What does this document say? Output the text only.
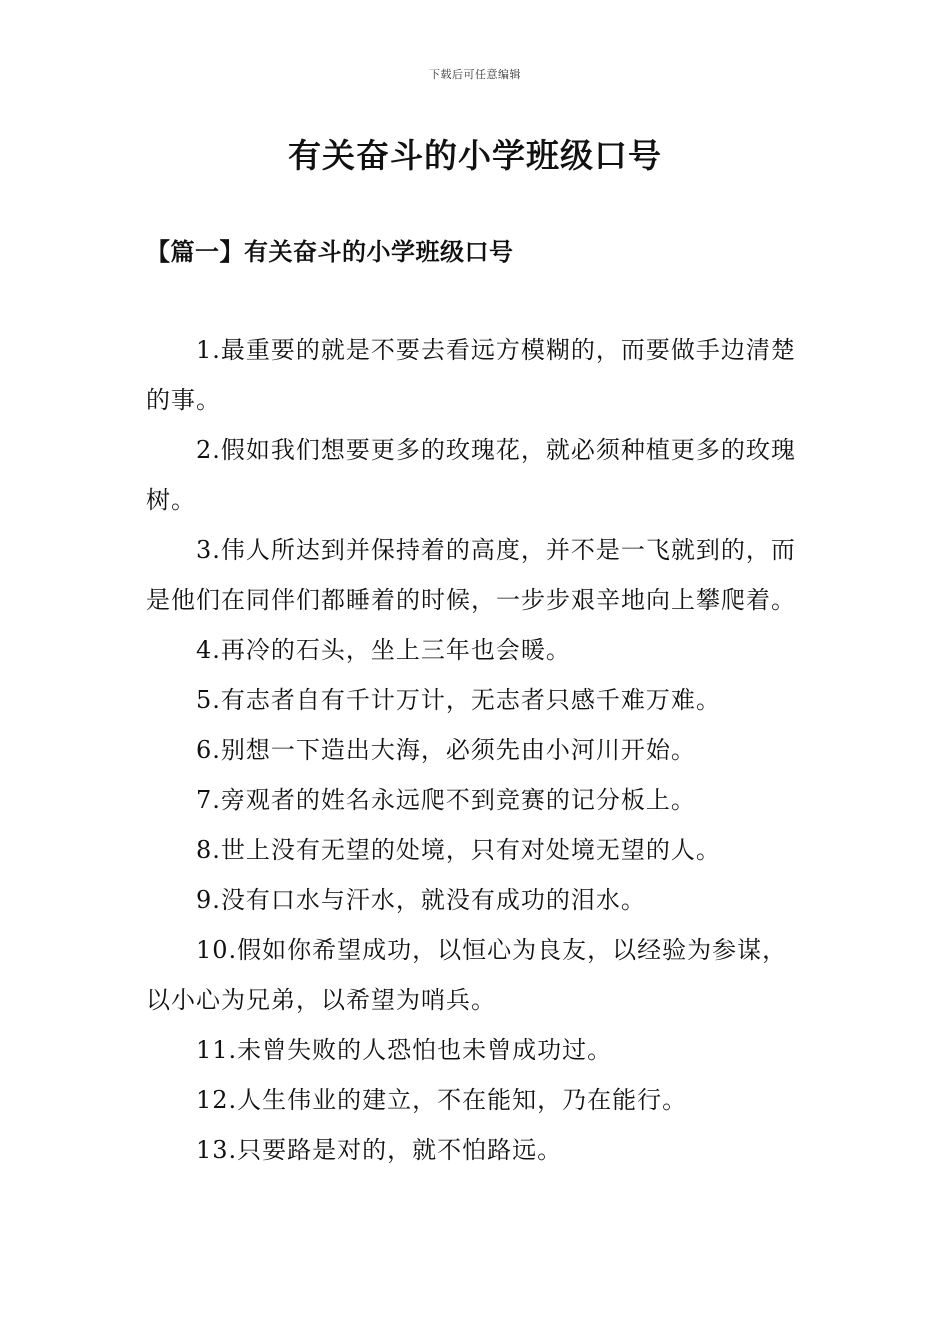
下载后可任意编辑
有关奋斗的小学班级口号
【篇一】有关奋斗的小学班级口号

1.最重要的就是不要去看远方模糊的，而要做手边清楚的事。

2.假如我们想要更多的玫瑰花，就必须种植更多的玫瑰树。

3.伟人所达到并保持着的高度，并不是一飞就到的，而是他们在同伴们都睡着的时候，一步步艰辛地向上攀爬着。

4.再冷的石头，坐上三年也会暖。

5.有志者自有千计万计，无志者只感千难万难。

6.别想一下造出大海，必须先由小河川开始。

7.旁观者的姓名永远爬不到竞赛的记分板上。

8.世上没有无望的处境，只有对处境无望的人。

9.没有口水与汗水，就没有成功的泪水。

10.假如你希望成功，以恒心为良友，以经验为参谋，以小心为兄弟，以希望为哨兵。

11.未曾失败的人恐怕也未曾成功过。

12.人生伟业的建立，不在能知，乃在能行。

13.只要路是对的，就不怕路远。
